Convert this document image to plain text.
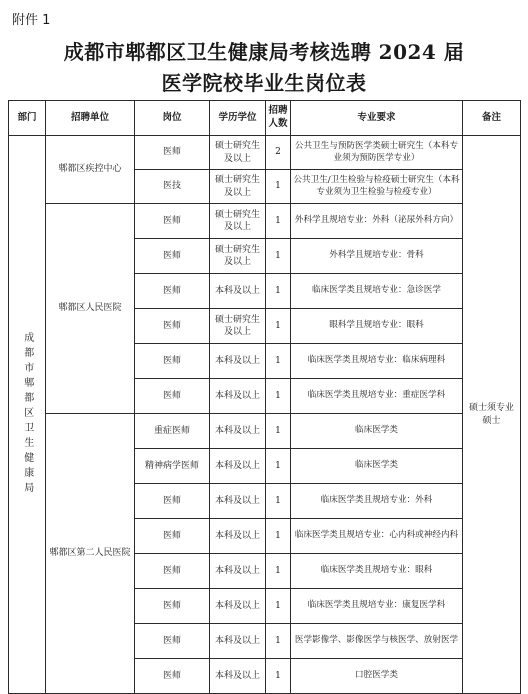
附件 1
成都市郫都区卫生健康局考核选聘 2024 届
医学院校毕业生岗位表
部门	招聘单位	岗位	学历学位	招聘人数	专业要求	备注
成都市郫都区卫生健康局	郫都区疾控中心	医师	硕士研究生及以上	2	公共卫生与预防医学类硕士研究生（本科专业须为预防医学专业）	硕士须专业硕士
		医技	硕士研究生及以上	1	公共卫生/卫生检验与检疫硕士研究生（本科专业须为卫生检验与检疫专业）	
	郫都区人民医院	医师	硕士研究生及以上	1	外科学且规培专业：外科（泌尿外科方向）	
		医师	硕士研究生及以上	1	外科学且规培专业：骨科	
		医师	本科及以上	1	临床医学类且规培专业：急诊医学	
		医师	硕士研究生及以上	1	眼科学且规培专业：眼科	
		医师	本科及以上	1	临床医学类且规培专业：临床病理科	
		医师	本科及以上	1	临床医学类且规培专业：重症医学科	
	郫都区第二人民医院	重症医师	本科及以上	1	临床医学类	
		精神病学医师	本科及以上	1	临床医学类	
		医师	本科及以上	1	临床医学类且规培专业：外科	
		医师	本科及以上	1	临床医学类且规培专业：心内科或神经内科	
		医师	本科及以上	1	临床医学类且规培专业：眼科	
		医师	本科及以上	1	临床医学类且规培专业：康复医学科	
		医师	本科及以上	1	医学影像学、影像医学与核医学、放射医学	
		医师	本科及以上	1	口腔医学类	
